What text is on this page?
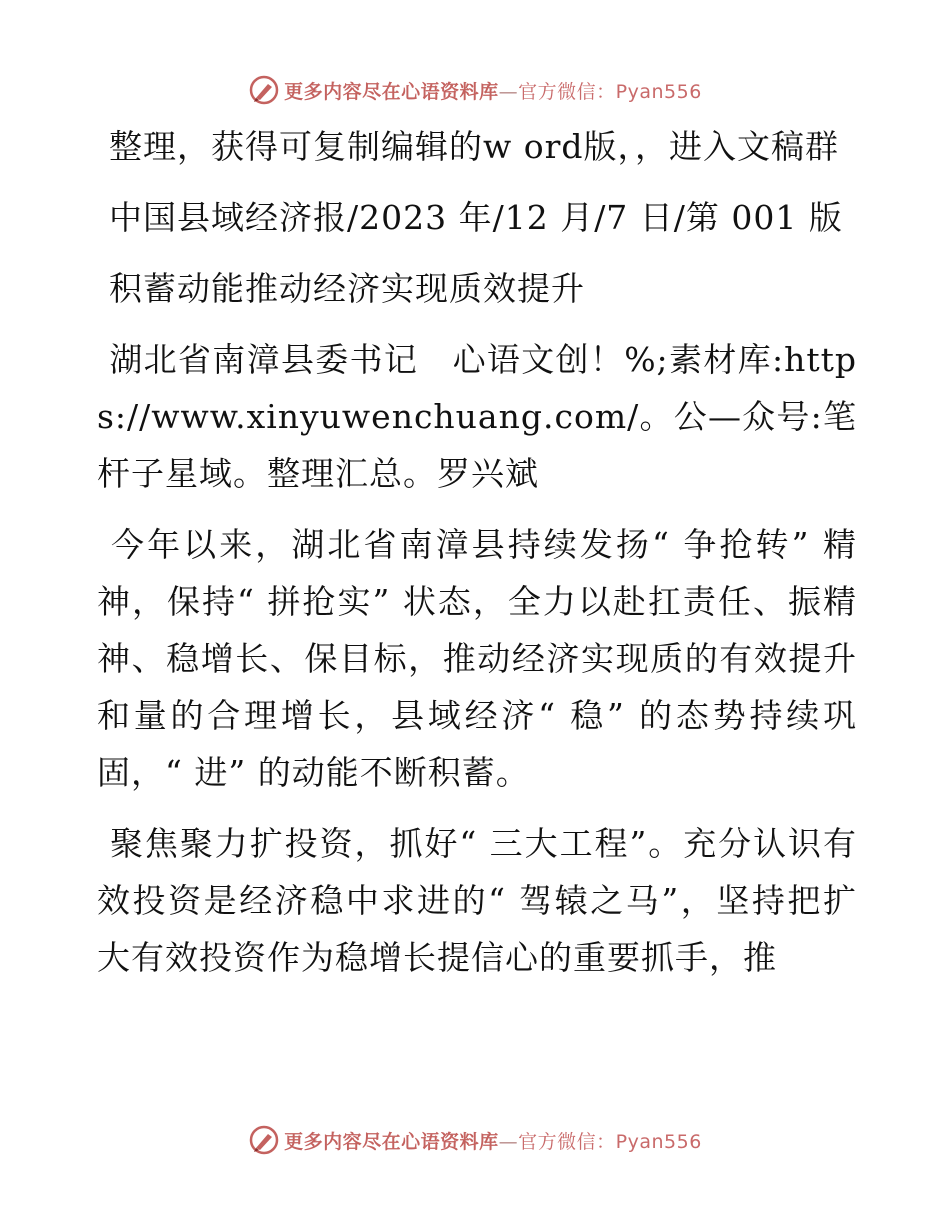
更多内容尽在心语资料库—官方微信：Pyan556

整理，获得可复制编辑的w ord版，，进入文稿群

中国县域经济报/2023 年/12 月/7 日/第 001 版

积蓄动能推动经济实现质效提升

湖北省南漳县委书记　心语文创！%;素材库:https://www.xinyuwenchuang.com/。公—众号:笔杆子星域。整理汇总。罗兴斌

今年以来，湖北省南漳县持续发扬“ 争抢转” 精神，保持“ 拼抢实” 状态，全力以赴扛责任、振精神、稳增长、保目标，推动经济实现质的有效提升和量的合理增长，县域经济“ 稳” 的态势持续巩固，“ 进” 的动能不断积蓄。

聚焦聚力扩投资，抓好“ 三大工程”。充分认识有效投资是经济稳中求进的“ 驾辕之马”，坚持把扩大有效投资作为稳增长提信心的重要抓手，推

更多内容尽在心语资料库—官方微信：Pyan556
